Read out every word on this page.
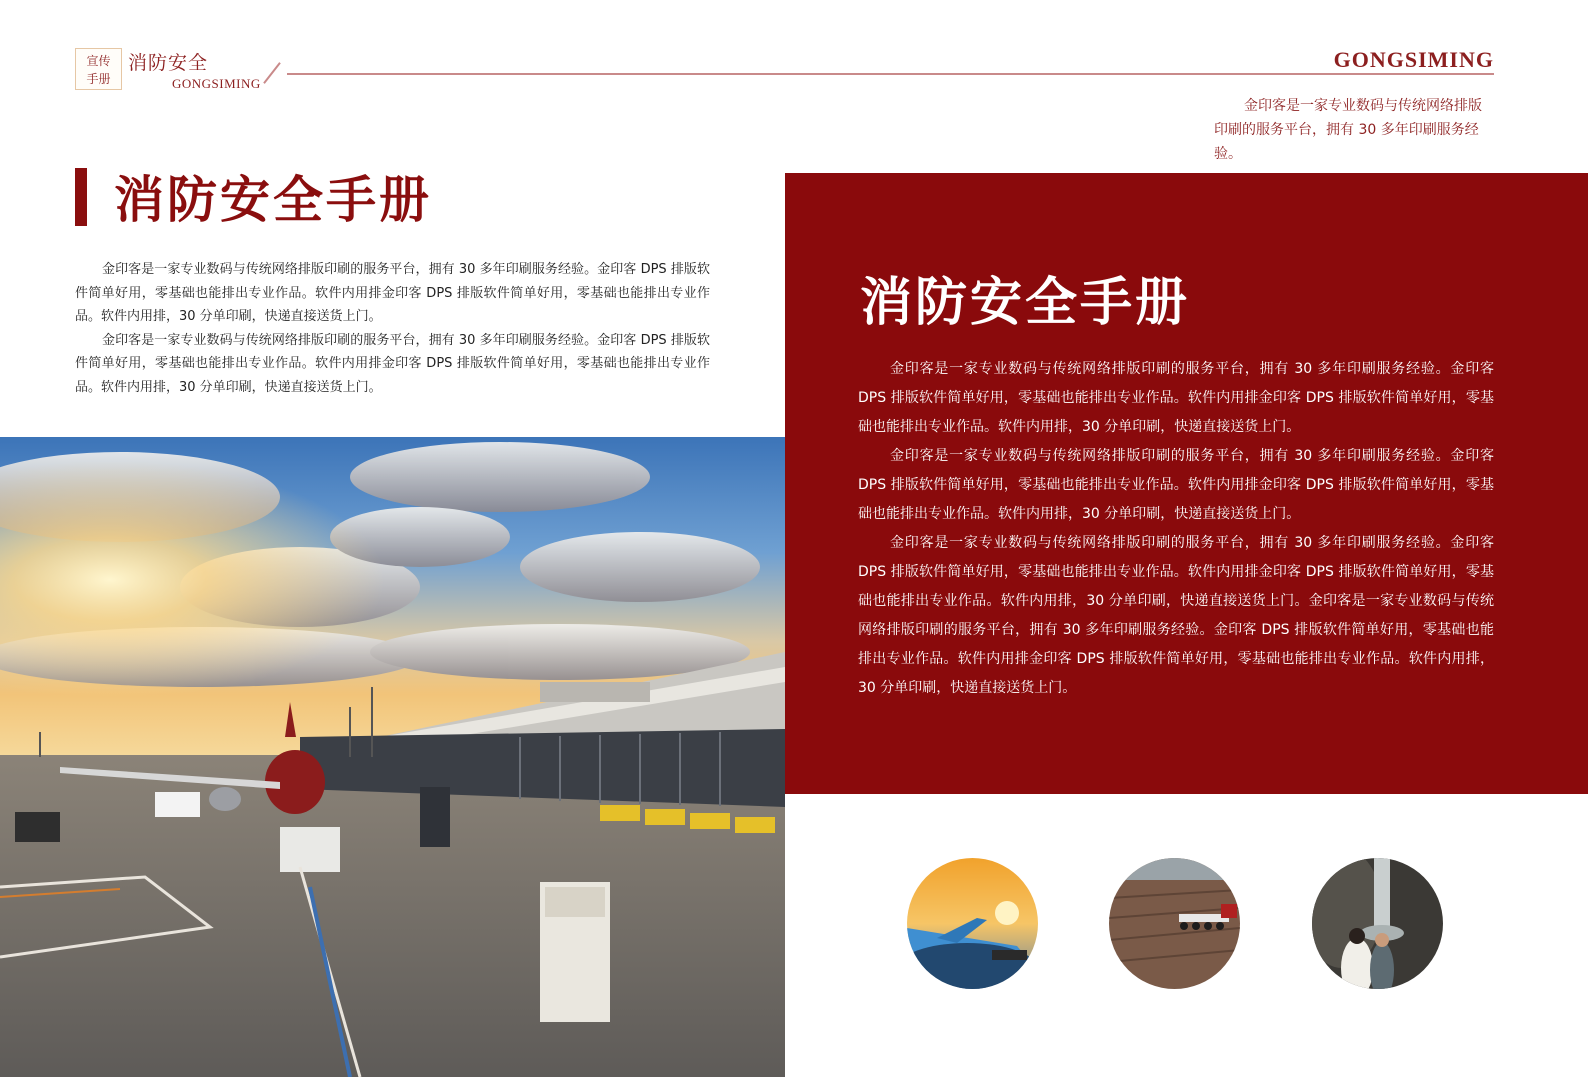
宣传
手册
消防安全
GONGSIMING
GONGSIMING
金印客是一家专业数码与传统网络排版印刷的服务平台，拥有 30 多年印刷服务经验。
消防安全手册

金印客是一家专业数码与传统网络排版印刷的服务平台，拥有 30 多年印刷服务经验。金印客 DPS 排版软件简单好用，零基础也能排出专业作品。软件内用排金印客 DPS 排版软件简单好用，零基础也能排出专业作品。软件内用排，30 分单印刷，快递直接送货上门。

金印客是一家专业数码与传统网络排版印刷的服务平台，拥有 30 多年印刷服务经验。金印客 DPS 排版软件简单好用，零基础也能排出专业作品。软件内用排金印客 DPS 排版软件简单好用，零基础也能排出专业作品。软件内用排，30 分单印刷，快递直接送货上门。

消防安全手册

金印客是一家专业数码与传统网络排版印刷的服务平台，拥有 30 多年印刷服务经验。金印客 DPS 排版软件简单好用，零基础也能排出专业作品。软件内用排金印客 DPS 排版软件简单好用，零基础也能排出专业作品。软件内用排，30 分单印刷，快递直接送货上门。

金印客是一家专业数码与传统网络排版印刷的服务平台，拥有 30 多年印刷服务经验。金印客 DPS 排版软件简单好用，零基础也能排出专业作品。软件内用排金印客 DPS 排版软件简单好用，零基础也能排出专业作品。软件内用排，30 分单印刷，快递直接送货上门。

金印客是一家专业数码与传统网络排版印刷的服务平台，拥有 30 多年印刷服务经验。金印客 DPS 排版软件简单好用，零基础也能排出专业作品。软件内用排金印客 DPS 排版软件简单好用，零基础也能排出专业作品。软件内用排，30 分单印刷，快递直接送货上门。金印客是一家专业数码与传统网络排版印刷的服务平台，拥有 30 多年印刷服务经验。金印客 DPS 排版软件简单好用，零基础也能排出专业作品。软件内用排金印客 DPS 排版软件简单好用，零基础也能排出专业作品。软件内用排，30 分单印刷，快递直接送货上门。
